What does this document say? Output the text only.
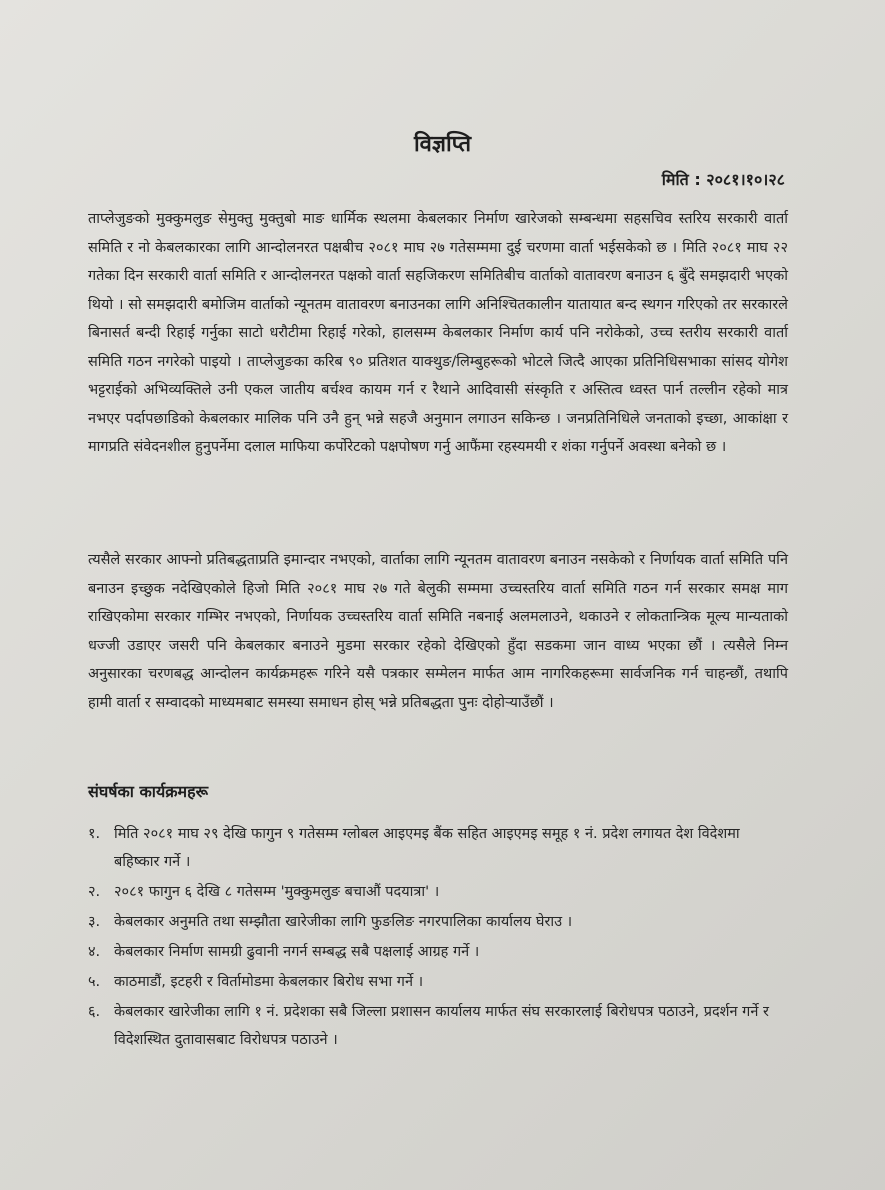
विज्ञप्ति
मिति : २०८१।१०।२८

ताप्लेजुङको मुक्कुमलुङ सेमुक्तु मुक्तुबो माङ धार्मिक स्थलमा केबलकार निर्माण खारेजको सम्बन्धमा सहसचिव स्तरिय सरकारी वार्ता समिति र नो केबलकारका लागि आन्दोलनरत पक्षबीच २०८१ माघ २७ गतेसम्ममा दुई चरणमा वार्ता भईसकेको छ । मिति २०८१ माघ २२ गतेका दिन सरकारी वार्ता समिति र आन्दोलनरत पक्षको वार्ता सहजिकरण समितिबीच वार्ताको वातावरण बनाउन ६ बुँदे समझदारी भएको थियो । सो समझदारी बमोजिम वार्ताको न्यूनतम वातावरण बनाउनका लागि अनिश्चितकालीन यातायात बन्द स्थगन गरिएको तर सरकारले बिनासर्त बन्दी रिहाई गर्नुका साटो धरौटीमा रिहाई गरेको, हालसम्म केबलकार निर्माण कार्य पनि नरोकेको, उच्च स्तरीय सरकारी वार्ता समिति गठन नगरेको पाइयो । ताप्लेजुङका करिब ९० प्रतिशत याक्थुङ/लिम्बुहरूको भोटले जित्दै आएका प्रतिनिधिसभाका सांसद योगेश भट्टराईको अभिव्यक्तिले उनी एकल जातीय बर्चश्व कायम गर्न र रैथाने आदिवासी संस्कृति र अस्तित्व ध्वस्त पार्न तल्लीन रहेको मात्र नभएर पर्दापछाडिको केबलकार मालिक पनि उनै हुन् भन्ने सहजै अनुमान लगाउन सकिन्छ । जनप्रतिनिधिले जनताको इच्छा, आकांक्षा र मागप्रति संवेदनशील हुनुपर्नेमा दलाल माफिया कर्पोरेटको पक्षपोषण गर्नु आफैंमा रहस्यमयी र शंका गर्नुपर्ने अवस्था बनेको छ ।

त्यसैले सरकार आफ्नो प्रतिबद्धताप्रति इमान्दार नभएको, वार्ताका लागि न्यूनतम वातावरण बनाउन नसकेको र निर्णायक वार्ता समिति पनि बनाउन इच्छुक नदेखिएकोले हिजो मिति २०८१ माघ २७ गते बेलुकी सम्ममा उच्चस्तरिय वार्ता समिति गठन गर्न सरकार समक्ष माग राखिएकोमा सरकार गम्भिर नभएको, निर्णायक उच्चस्तरिय वार्ता समिति नबनाई अलमलाउने, थकाउने र लोकतान्त्रिक मूल्य मान्यताको धज्जी उडाएर जसरी पनि केबलकार बनाउने मुडमा सरकार रहेको देखिएको हुँदा सडकमा जान वाध्य भएका छौं । त्यसैले निम्न अनुसारका चरणबद्ध आन्दोलन कार्यक्रमहरू गरिने यसै पत्रकार सम्मेलन मार्फत आम नागरिकहरूमा सार्वजनिक गर्न चाहन्छौं, तथापि हामी वार्ता र सम्वादको माध्यमबाट समस्या समाधन होस् भन्ने प्रतिबद्धता पुनः दोहोऱ्याउँछौं ।

संघर्षका कार्यक्रमहरू
१. मिति २०८१ माघ २९ देखि फागुन ९ गतेसम्म ग्लोबल आइएमइ बैंक सहित आइएमइ समूह १ नं. प्रदेश लगायत देश विदेशमा बहिष्कार गर्ने ।
२. २०८१ फागुन ६ देखि ८ गतेसम्म 'मुक्कुमलुङ बचाऔं पदयात्रा' ।
३. केबलकार अनुमति तथा सम्झौता खारेजीका लागि फुङलिङ नगरपालिका कार्यालय घेराउ ।
४. केबलकार निर्माण सामग्री ढुवानी नगर्न सम्बद्ध सबै पक्षलाई आग्रह गर्ने ।
५. काठमाडौं, इटहरी र विर्तामोडमा केबलकार बिरोध सभा गर्ने ।
६. केबलकार खारेजीका लागि १ नं. प्रदेशका सबै जिल्ला प्रशासन कार्यालय मार्फत संघ सरकारलाई बिरोधपत्र पठाउने, प्रदर्शन गर्ने र विदेशस्थित दुतावासबाट विरोधपत्र पठाउने ।
